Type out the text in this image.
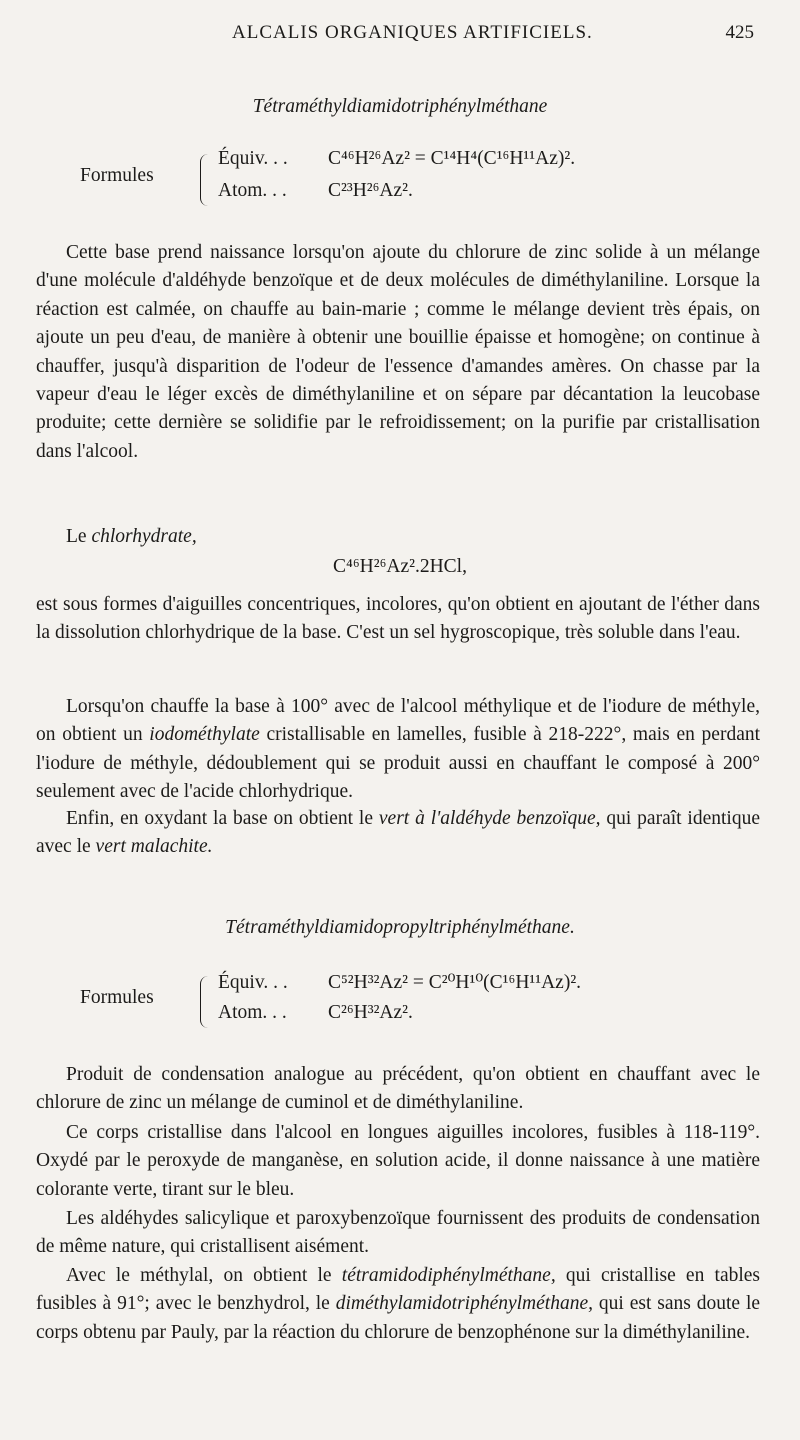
ALCALIS ORGANIQUES ARTIFICIELS.	425
Tétraméthyldiamidotriphénylméthane
Formules
Équiv. . . C⁴⁶H²⁶Az² = C¹⁴H⁴(C¹⁶H¹¹Az)².
Atom. . . C²³H²⁶Az².

Cette base prend naissance lorsqu'on ajoute du chlorure de zinc solide à un mélange d'une molécule d'aldéhyde benzoïque et de deux molécules de diméthylaniline. Lorsque la réaction est calmée, on chauffe au bain-marie ; comme le mélange devient très épais, on ajoute un peu d'eau, de manière à obtenir une bouillie épaisse et homogène; on continue à chauffer, jusqu'à disparition de l'odeur de l'essence d'amandes amères. On chasse par la vapeur d'eau le léger excès de diméthylaniline et on sépare par décantation la leucobase produite; cette dernière se solidifie par le refroidissement; on la purifie par cristallisation dans l'alcool.

Le chlorhydrate,

C⁴⁶H²⁶Az².2HCl,

est sous formes d'aiguilles concentriques, incolores, qu'on obtient en ajoutant de l'éther dans la dissolution chlorhydrique de la base. C'est un sel hygroscopique, très soluble dans l'eau.

Lorsqu'on chauffe la base à 100° avec de l'alcool méthylique et de l'iodure de méthyle, on obtient un iodométhylate cristallisable en lamelles, fusible à 218-222°, mais en perdant l'iodure de méthyle, dédoublement qui se produit aussi en chauffant le composé à 200° seulement avec de l'acide chlorhydrique.

Enfin, en oxydant la base on obtient le vert à l'aldéhyde benzoïque, qui paraît identique avec le vert malachite.

Tétraméthyldiamidopropyltriphénylméthane.
Formules
Équiv. . . C⁵²H³²Az² = C²⁰H¹⁰(C¹⁶H¹¹Az)².
Atom. . . C²⁶H³²Az².

Produit de condensation analogue au précédent, qu'on obtient en chauffant avec le chlorure de zinc un mélange de cuminol et de diméthylaniline.

Ce corps cristallise dans l'alcool en longues aiguilles incolores, fusibles à 118-119°. Oxydé par le peroxyde de manganèse, en solution acide, il donne naissance à une matière colorante verte, tirant sur le bleu.

Les aldéhydes salicylique et paroxybenzoïque fournissent des produits de condensation de même nature, qui cristallisent aisément.

Avec le méthylal, on obtient le tétramidodiphénylméthane, qui cristallise en tables fusibles à 91°; avec le benzhydrol, le diméthylamidotriphénylméthane, qui est sans doute le corps obtenu par Pauly, par la réaction du chlorure de benzophénone sur la diméthylaniline.
